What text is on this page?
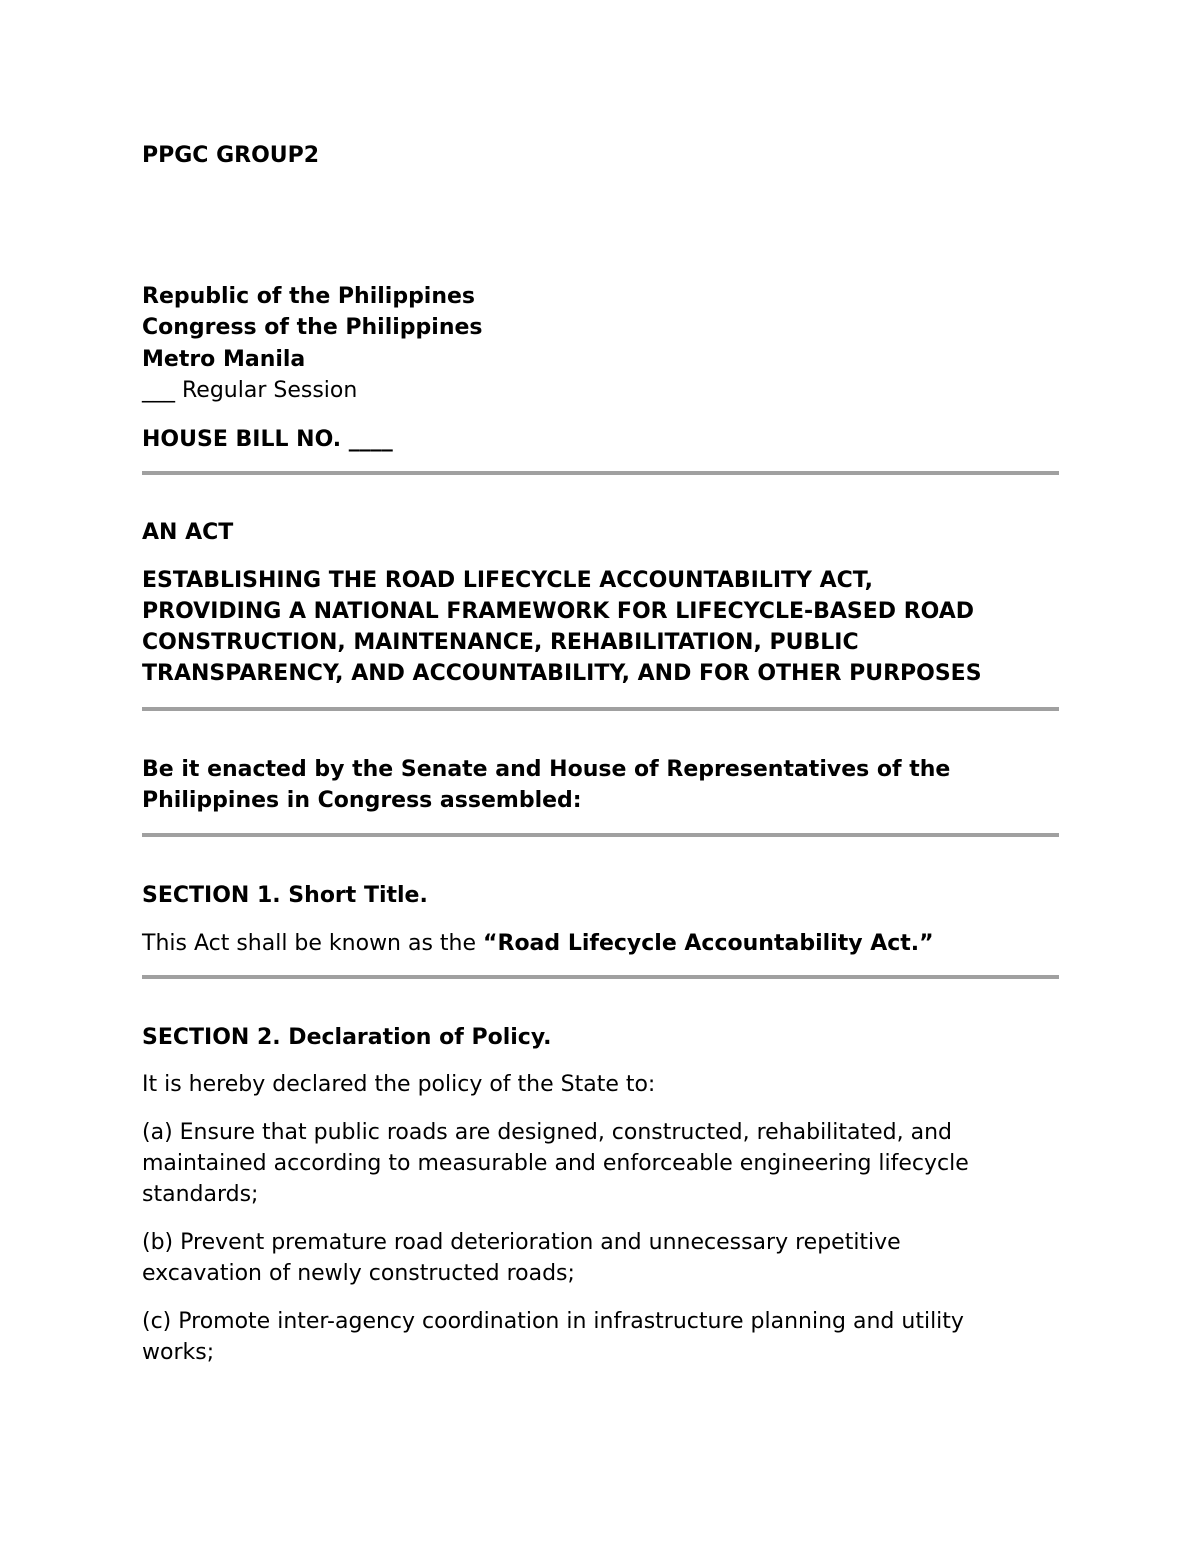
PPGC GROUP2
Republic of the Philippines
Congress of the Philippines
Metro Manila
___ Regular Session
HOUSE BILL NO. ____
AN ACT
ESTABLISHING THE ROAD LIFECYCLE ACCOUNTABILITY ACT,
PROVIDING A NATIONAL FRAMEWORK FOR LIFECYCLE-BASED ROAD
CONSTRUCTION, MAINTENANCE, REHABILITATION, PUBLIC
TRANSPARENCY, AND ACCOUNTABILITY, AND FOR OTHER PURPOSES
Be it enacted by the Senate and House of Representatives of the
Philippines in Congress assembled:
SECTION 1. Short Title.
This Act shall be known as the “Road Lifecycle Accountability Act.”
SECTION 2. Declaration of Policy.
It is hereby declared the policy of the State to:
(a) Ensure that public roads are designed, constructed, rehabilitated, and
maintained according to measurable and enforceable engineering lifecycle
standards;
(b) Prevent premature road deterioration and unnecessary repetitive
excavation of newly constructed roads;
(c) Promote inter-agency coordination in infrastructure planning and utility
works;
